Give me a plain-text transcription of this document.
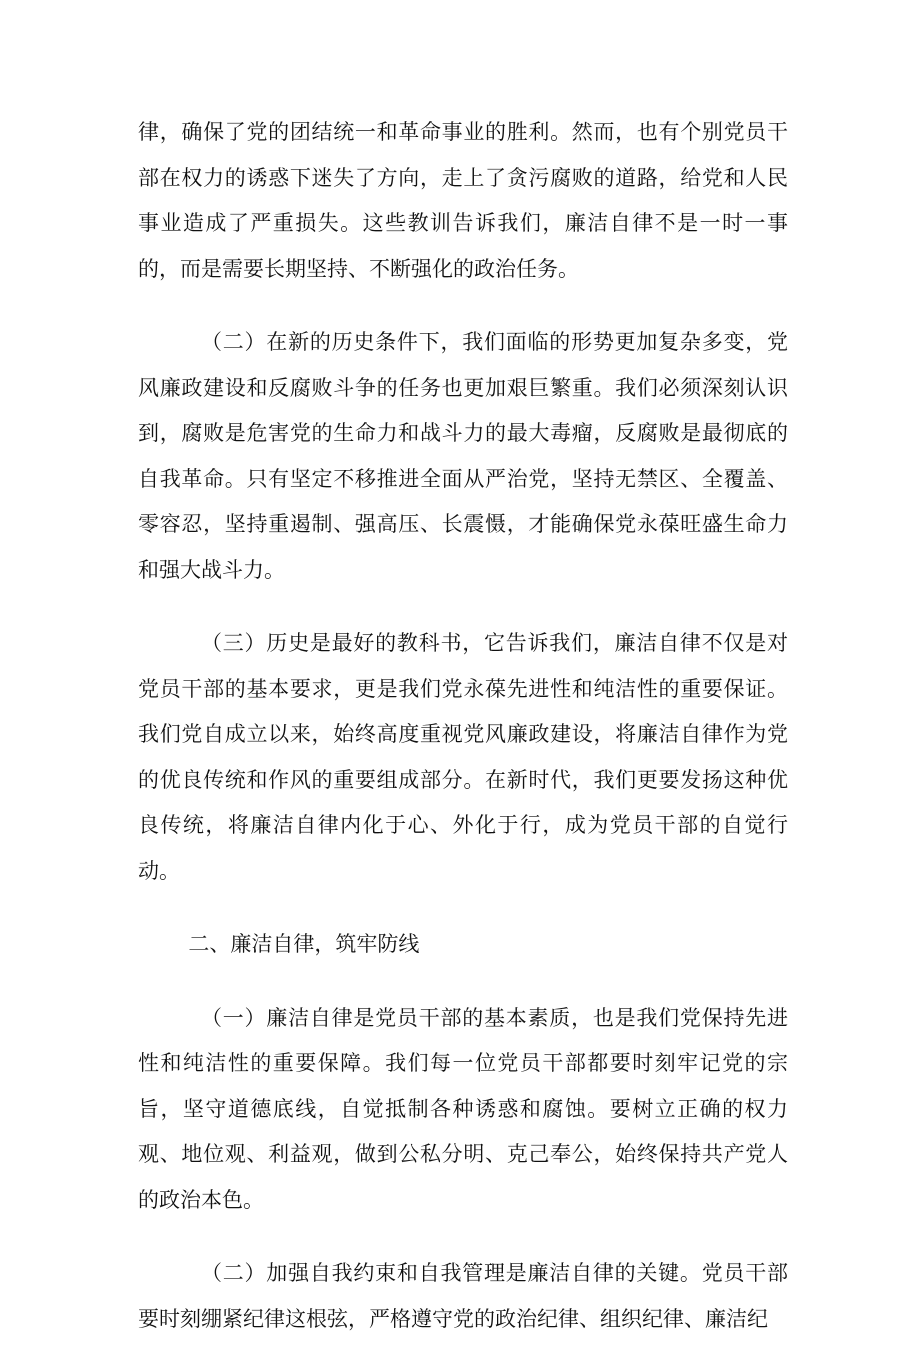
律，确保了党的团结统一和革命事业的胜利。然而，也有个别党员干部在权力的诱惑下迷失了方向，走上了贪污腐败的道路，给党和人民事业造成了严重损失。这些教训告诉我们，廉洁自律不是一时一事的，而是需要长期坚持、不断强化的政治任务。

（二）在新的历史条件下，我们面临的形势更加复杂多变，党风廉政建设和反腐败斗争的任务也更加艰巨繁重。我们必须深刻认识到，腐败是危害党的生命力和战斗力的最大毒瘤，反腐败是最彻底的自我革命。只有坚定不移推进全面从严治党，坚持无禁区、全覆盖、零容忍，坚持重遏制、强高压、长震慑，才能确保党永葆旺盛生命力和强大战斗力。

（三）历史是最好的教科书，它告诉我们，廉洁自律不仅是对党员干部的基本要求，更是我们党永葆先进性和纯洁性的重要保证。我们党自成立以来，始终高度重视党风廉政建设，将廉洁自律作为党的优良传统和作风的重要组成部分。在新时代，我们更要发扬这种优良传统，将廉洁自律内化于心、外化于行，成为党员干部的自觉行动。

二、廉洁自律，筑牢防线

（一）廉洁自律是党员干部的基本素质，也是我们党保持先进性和纯洁性的重要保障。我们每一位党员干部都要时刻牢记党的宗旨，坚守道德底线，自觉抵制各种诱惑和腐蚀。要树立正确的权力观、地位观、利益观，做到公私分明、克己奉公，始终保持共产党人的政治本色。

（二）加强自我约束和自我管理是廉洁自律的关键。党员干部要时刻绷紧纪律这根弦，严格遵守党的政治纪律、组织纪律、廉洁纪
